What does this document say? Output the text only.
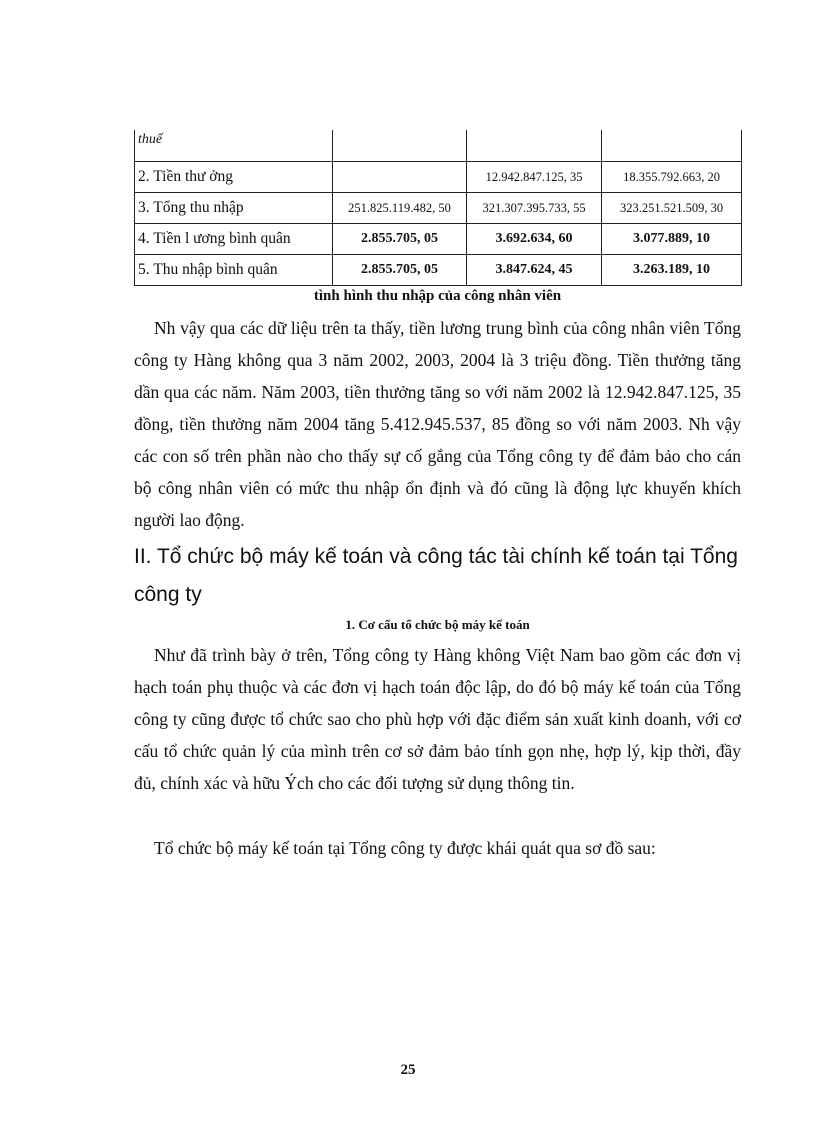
thuế			
2. Tiền thư ởng		12.942.847.125, 35	18.355.792.663, 20
3. Tổng thu nhập	251.825.119.482, 50	321.307.395.733, 55	323.251.521.509, 30
4. Tiền l ương bình quân	2.855.705, 05	3.692.634, 60	3.077.889, 10
5. Thu nhập bình quân	2.855.705, 05	3.847.624, 45	3.263.189, 10
tình hình thu nhập của công nhân viên
Nh vậy qua các dữ liệu trên ta thấy, tiền lương trung bình của công nhân viên Tổng công ty Hàng không qua 3 năm 2002, 2003, 2004 là 3 triệu đồng. Tiền thưởng tăng dần qua các năm. Năm 2003, tiền thưởng tăng so với năm 2002 là 12.942.847.125, 35 đồng, tiền thưởng năm 2004 tăng 5.412.945.537, 85 đồng so với năm 2003. Nh vậy các con số trên phần nào cho thấy sự cố gắng của Tổng công ty để đảm bảo cho cán bộ công nhân viên có mức thu nhập ổn định và đó cũng là động lực khuyến khích người lao động.
II. Tổ chức bộ máy kế toán và công tác tài chính kế toán tại Tổng công ty
1. Cơ cấu tổ chức bộ máy kế toán
Như đã trình bày ở trên, Tổng công ty Hàng không Việt Nam bao gồm các đơn vị hạch toán phụ thuộc và các đơn vị hạch toán độc lập, do đó bộ máy kế toán của Tổng công ty cũng được tổ chức sao cho phù hợp với đặc điểm sản xuất kinh doanh, với cơ cấu tổ chức quản lý của mình trên cơ sở đảm bảo tính gọn nhẹ, hợp lý, kịp thời, đầy đủ, chính xác và hữu Ých cho các đối tượng sử dụng thông tin.
Tổ chức bộ máy kế toán tại Tổng công ty được khái quát qua sơ đồ sau:
25
